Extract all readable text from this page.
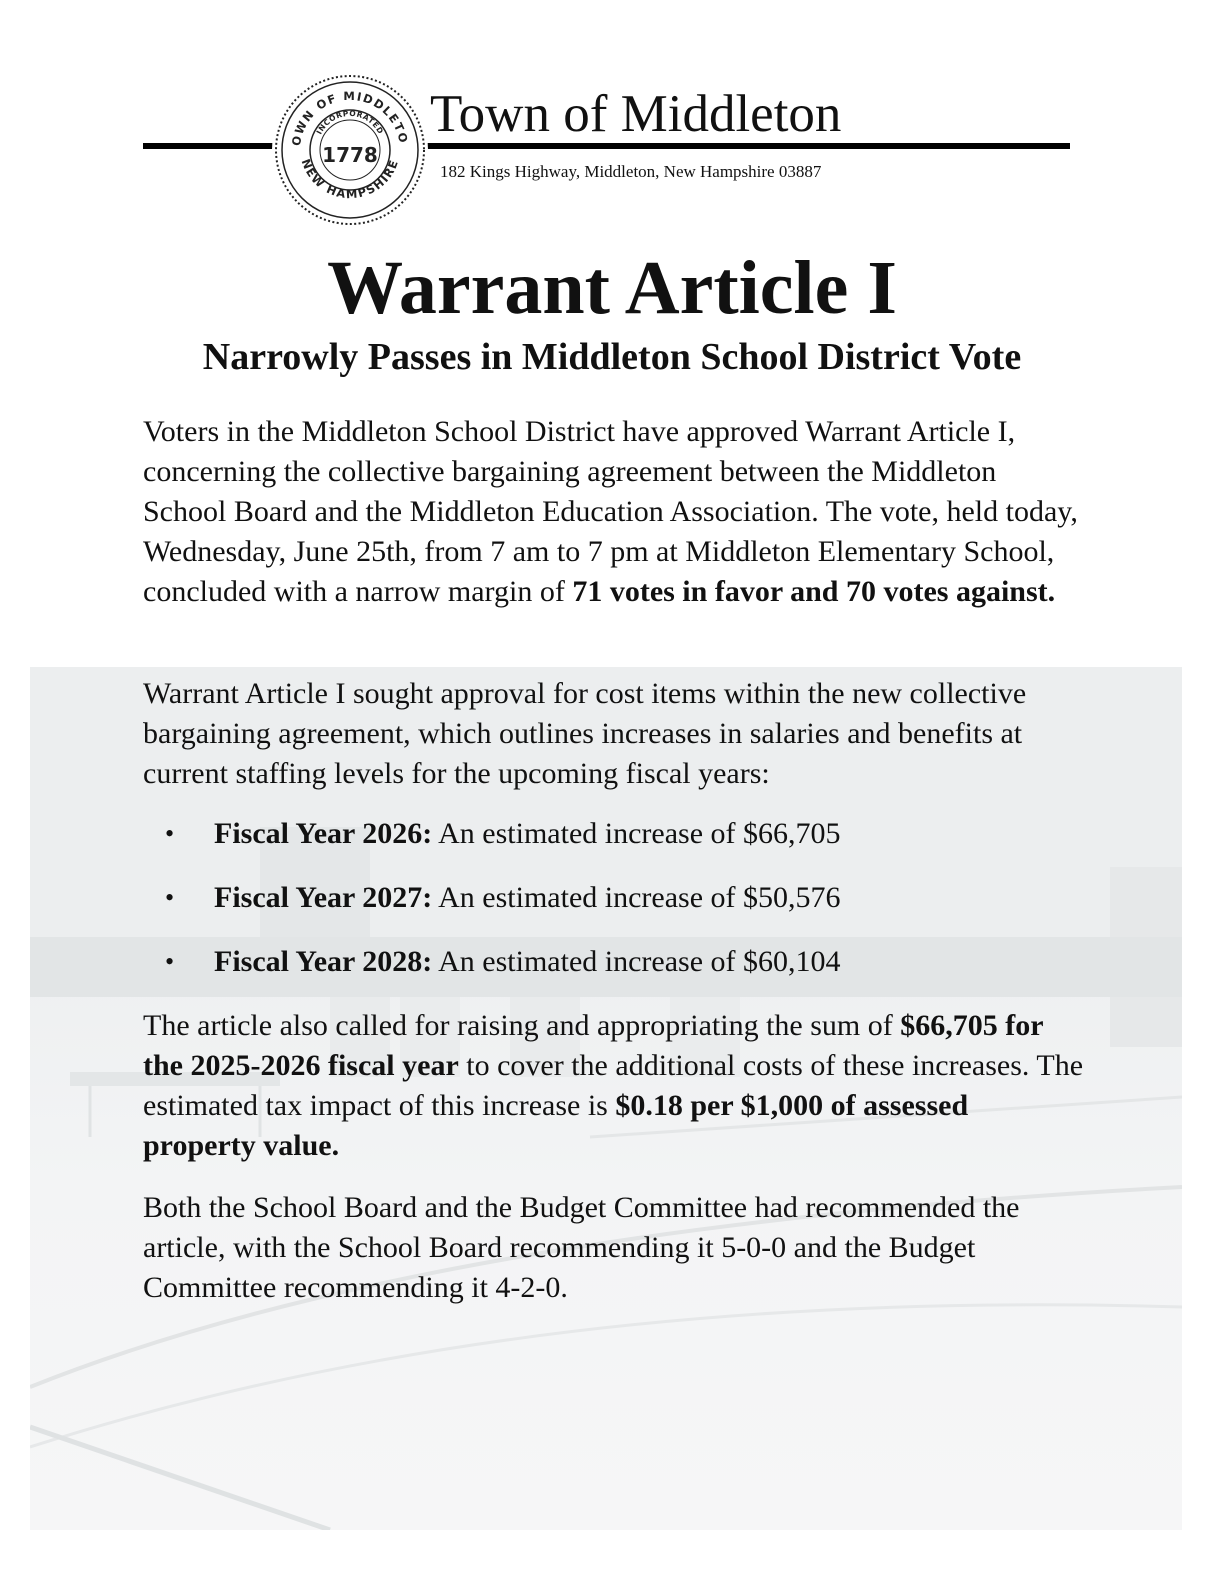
OWN OF MIDDLETO
NEW HAMPSHIRE
INCORPORATED
1778
Town of Middleton
182 Kings Highway, Middleton, New Hampshire 03887
Warrant Article I
Narrowly Passes in Middleton School District Vote

Voters in the Middleton School District have approved Warrant Article I, concerning the collective bargaining agreement between the Middleton School Board and the Middleton Education Association. The vote, held today, Wednesday, June 25th, from 7 am to 7 pm at Middleton Elementary School, concluded with a narrow margin of 71 votes in favor and 70 votes against.

Warrant Article I sought approval for cost items within the new collective bargaining agreement, which outlines increases in salaries and benefits at current staffing levels for the upcoming fiscal years:

• Fiscal Year 2026: An estimated increase of $66,705
• Fiscal Year 2027: An estimated increase of $50,576
• Fiscal Year 2028: An estimated increase of $60,104

The article also called for raising and appropriating the sum of $66,705 for the 2025-2026 fiscal year to cover the additional costs of these increases. The estimated tax impact of this increase is $0.18 per $1,000 of assessed property value.

Both the School Board and the Budget Committee had recommended the article, with the School Board recommending it 5-0-0 and the Budget Committee recommending it 4-2-0.
